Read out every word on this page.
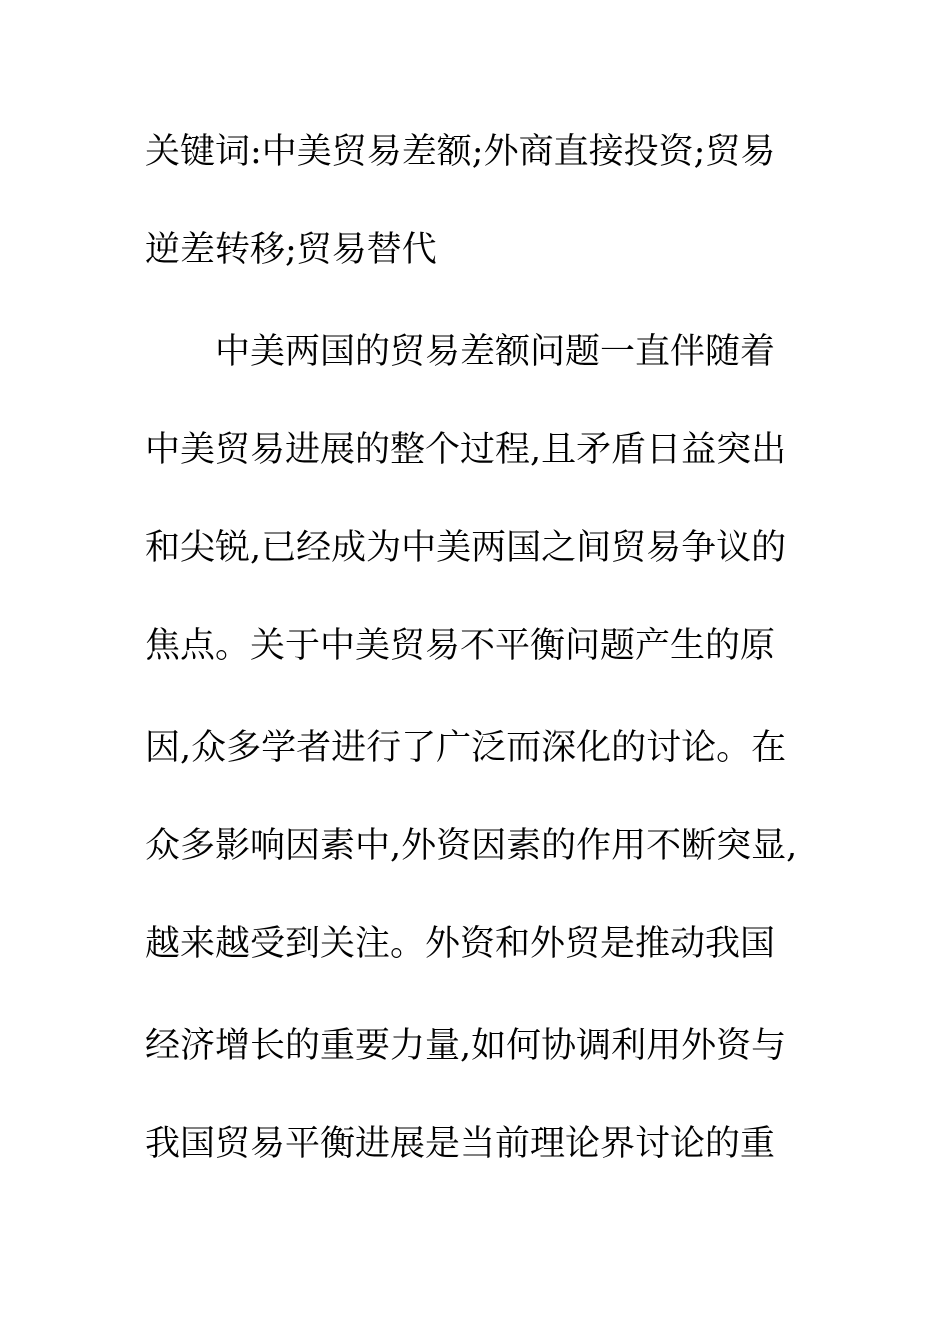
关键词:中美贸易差额;外商直接投资;贸易
逆差转移;贸易替代
中美两国的贸易差额问题一直伴随着
中美贸易进展的整个过程,且矛盾日益突出
和尖锐,已经成为中美两国之间贸易争议的
焦点。关于中美贸易不平衡问题产生的原
因,众多学者进行了广泛而深化的讨论。在
众多影响因素中,外资因素的作用不断突显,
越来越受到关注。外资和外贸是推动我国
经济增长的重要力量,如何协调利用外资与
我国贸易平衡进展是当前理论界讨论的重
